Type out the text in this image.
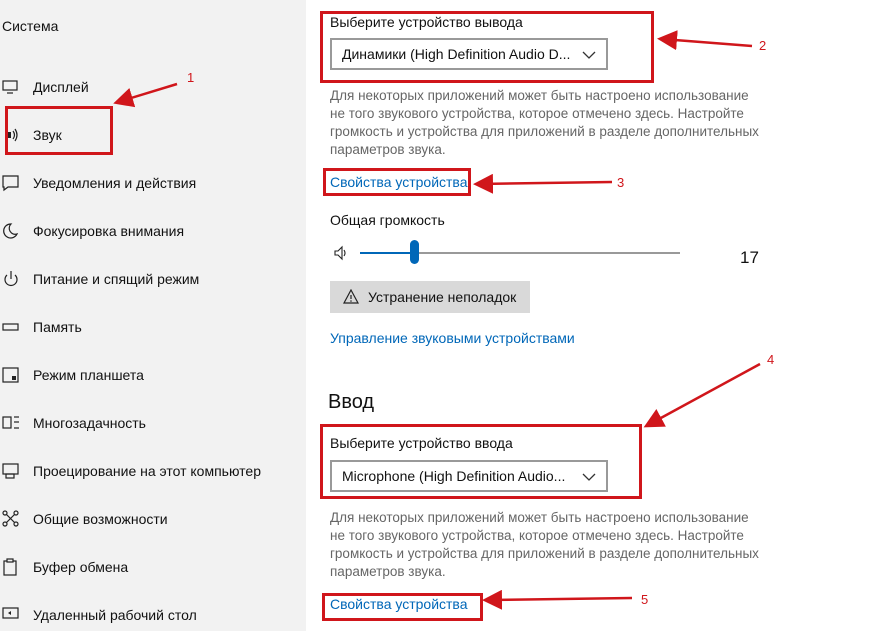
Система
Дисплей
Звук
Уведомления и действия
Фокусировка внимания
Питание и спящий режим
Память
Режим планшета
Многозадачность
Проецирование на этот компьютер
Общие возможности
Буфер обмена
Удаленный рабочий стол
Выберите устройство вывода
Динамики (High Definition Audio D...
Для некоторых приложений может быть настроено использование
не того звукового устройства, которое отмечено здесь. Настройте
громкость и устройства для приложений в разделе дополнительных
параметров звука.
Свойства устройства
Общая громкость
17
Устранение неполадок
Управление звуковыми устройствами
Ввод
Выберите устройство ввода
Microphone (High Definition Audio...
Для некоторых приложений может быть настроено использование
не того звукового устройства, которое отмечено здесь. Настройте
громкость и устройства для приложений в разделе дополнительных
параметров звука.
Свойства устройства
1
2
3
4
5
